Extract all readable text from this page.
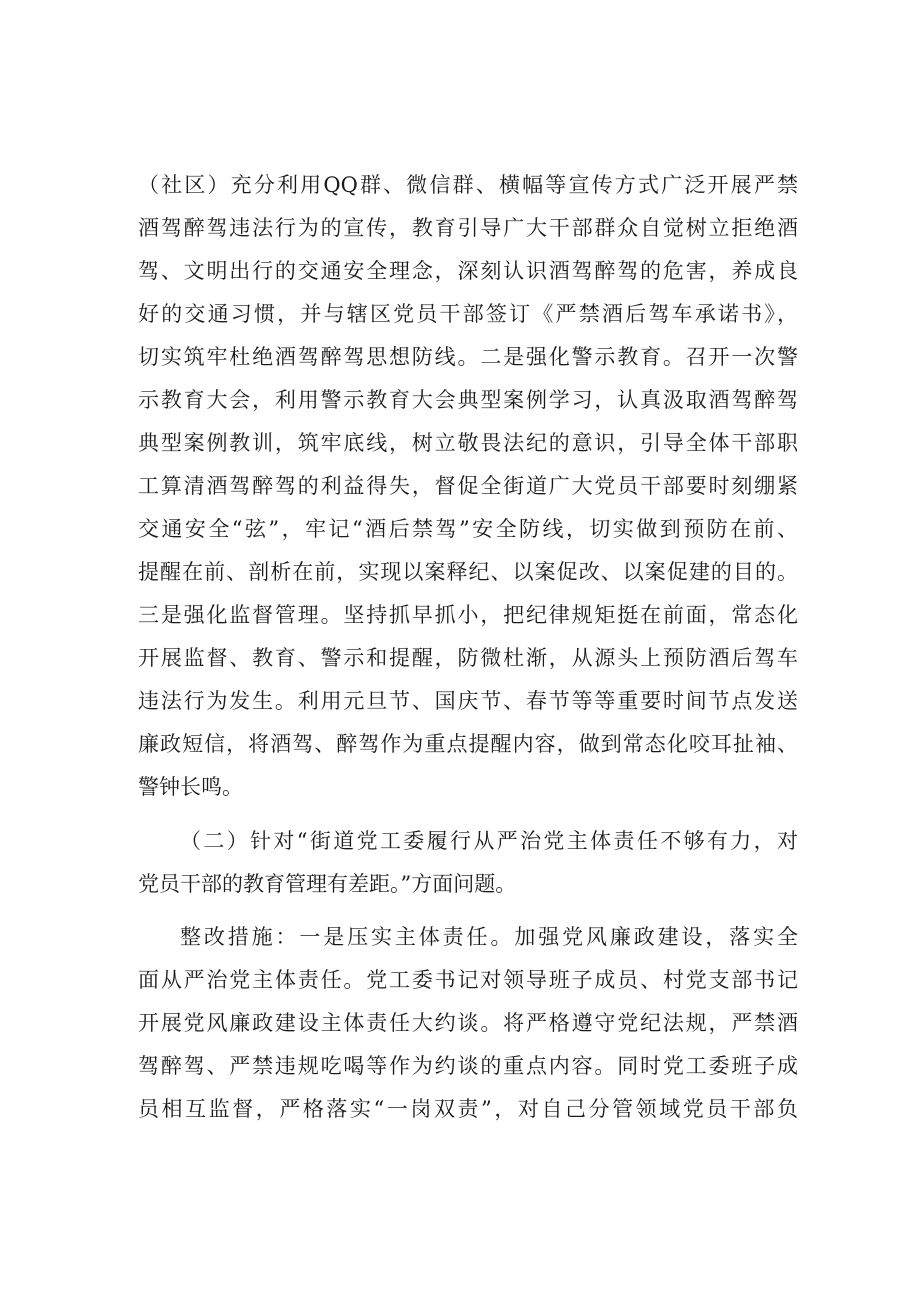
（社区）充分利用QQ群、微信群、横幅等宣传方式广泛开展严禁
酒驾醉驾违法行为的宣传，教育引导广大干部群众自觉树立拒绝酒
驾、文明出行的交通安全理念，深刻认识酒驾醉驾的危害，养成良
好的交通习惯，并与辖区党员干部签订《严禁酒后驾车承诺书》，
切实筑牢杜绝酒驾醉驾思想防线。二是强化警示教育。召开一次警
示教育大会，利用警示教育大会典型案例学习，认真汲取酒驾醉驾
典型案例教训，筑牢底线，树立敬畏法纪的意识，引导全体干部职
工算清酒驾醉驾的利益得失，督促全街道广大党员干部要时刻绷紧
交通安全“弦”，牢记“酒后禁驾”安全防线，切实做到预防在前、
提醒在前、剖析在前，实现以案释纪、以案促改、以案促建的目的。
三是强化监督管理。坚持抓早抓小，把纪律规矩挺在前面，常态化
开展监督、教育、警示和提醒，防微杜渐，从源头上预防酒后驾车
违法行为发生。利用元旦节、国庆节、春节等等重要时间节点发送
廉政短信，将酒驾、醉驾作为重点提醒内容，做到常态化咬耳扯袖、
警钟长鸣。
（二）针对“街道党工委履行从严治党主体责任不够有力，对
党员干部的教育管理有差距。”方面问题。
整改措施：一是压实主体责任。加强党风廉政建设，落实全
面从严治党主体责任。党工委书记对领导班子成员、村党支部书记
开展党风廉政建设主体责任大约谈。将严格遵守党纪法规，严禁酒
驾醉驾、严禁违规吃喝等作为约谈的重点内容。同时党工委班子成
员相互监督，严格落实“一岗双责”，对自己分管领域党员干部负
